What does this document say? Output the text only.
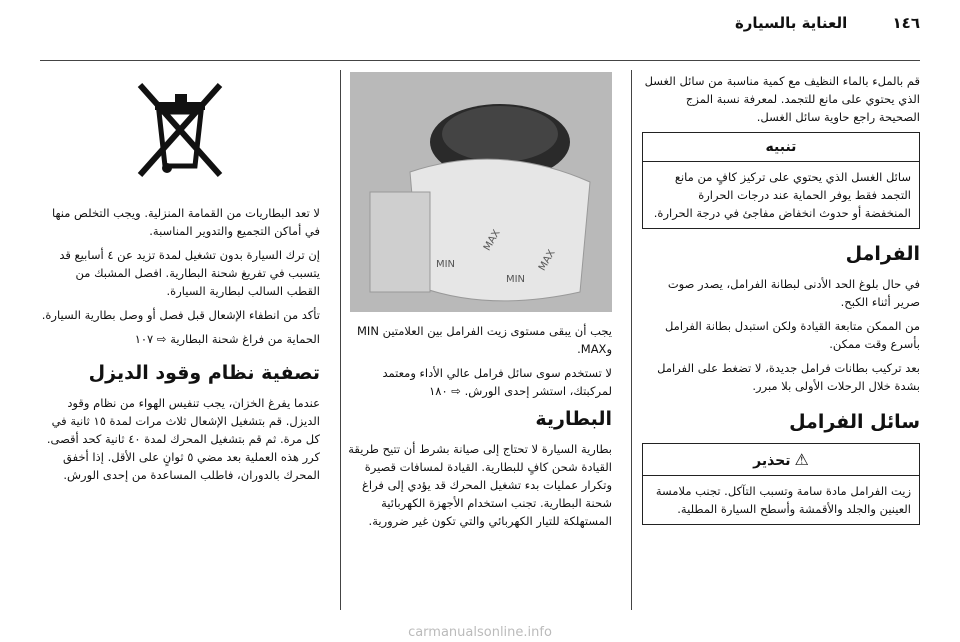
١٤٦ العناية بالسيارة

قم بالملء بالماء النظيف مع كمية مناسبة من سائل الغسل الذي يحتوي على مانع للتجمد. لمعرفة نسبة المزج الصحيحة راجع حاوية سائل الغسل.

تنبيه
سائل الغسل الذي يحتوي على تركيز كافٍ من مانع التجمد فقط يوفر الحماية عند درجات الحرارة المنخفضة أو حدوث انخفاض مفاجئ في درجة الحرارة.
الفرامل

في حال بلوغ الحد الأدنى لبطانة الفرامل، يصدر صوت صرير أثناء الكبح.

من الممكن متابعة القيادة ولكن استبدل بطانة الفرامل بأسرع وقت ممكن.

بعد تركيب بطانات فرامل جديدة، لا تضغط على الفرامل بشدة خلال الرحلات الأولى بلا مبرر.

سائل الفرامل
⚠تحذير
زيت الفرامل مادة سامة وتسبب التآكل. تجنب ملامسة العينين والجلد والأقمشة وأسطح السيارة المطلية.
MAX
MIN	MAX
MIN

يجب أن يبقى مستوى زيت الفرامل بين العلامتين MIN وMAX.

لا تستخدم سوى سائل فرامل عالي الأداء ومعتمد لمركبتك، استشر إحدى الورش. ⇨ ١٨٠

البطارية

بطارية السيارة لا تحتاج إلى صيانة بشرط أن تتيح طريقة القيادة شحن كافٍ للبطارية. القيادة لمسافات قصيرة وتكرار عمليات بدء تشغيل المحرك قد يؤدي إلى فراغ شحنة البطارية. تجنب استخدام الأجهزة الكهربائية المستهلكة للتيار الكهربائي والتي تكون غير ضرورية.

لا تعد البطاريات من القمامة المنزلية. ويجب التخلص منها في أماكن التجميع والتدوير المناسبة.

إن ترك السيارة بدون تشغيل لمدة تزيد عن ٤ أسابيع قد يتسبب في تفريغ شحنة البطارية. افصل المشبك من القطب السالب لبطارية السيارة.

تأكد من انطفاء الإشعال قبل فصل أو وصل بطارية السيارة.

الحماية من فراغ شحنة البطارية ⇨ ١٠٧

تصفية نظام وقود الديزل

عندما يفرغ الخزان، يجب تنفيس الهواء من نظام وقود الديزل. قم بتشغيل الإشعال ثلاث مرات لمدة ١٥ ثانية في كل مرة. ثم قم بتشغيل المحرك لمدة ٤٠ ثانية كحد أقصى. كرر هذه العملية بعد مضي ٥ ثوانٍ على الأقل. إذا أخفق المحرك بالدوران، فاطلب المساعدة من إحدى الورش.

carmanualsonline.info
